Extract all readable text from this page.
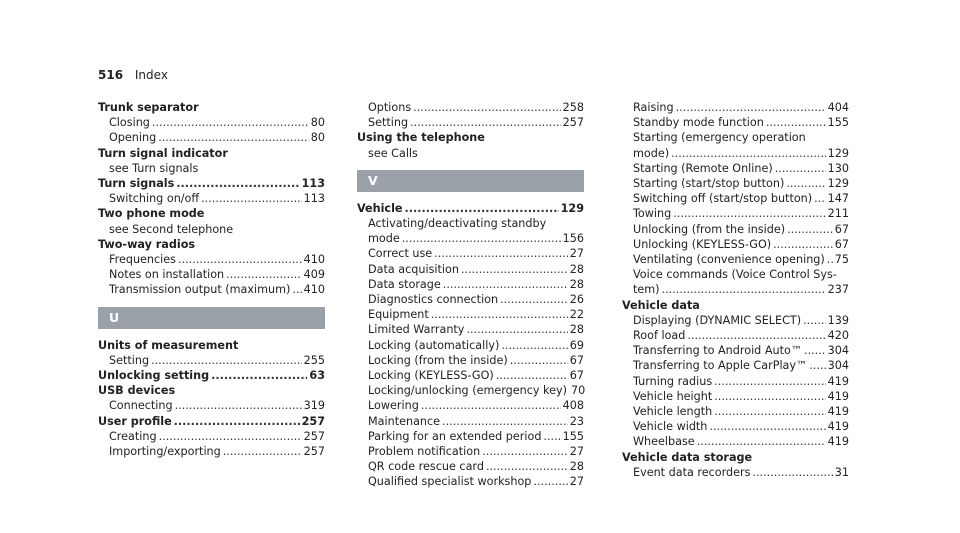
516 Index
Trunk separator
Closing .....	80
Opening .....	80
Turn signal indicator
see Turn signals
Turn signals .....	113
Switching on/off .....	113
Two phone mode
see Second telephone
Two-way radios
Frequencies .....	410
Notes on installation .....	409
Transmission output (maximum) ..... 410
U
Units of measurement
Setting .....	255
Unlocking setting .....	63
USB devices
Connecting .....	319
User profile .....	257
Creating .....	257
Importing/exporting .....	257
Options .....	258
Setting .....	257
Using the telephone
see Calls
V
Vehicle .....	129
Activating/deactivating standby
mode .....	156
Correct use .....	27
Data acquisition .....	28
Data storage .....	28
Diagnostics connection .....	26
Equipment .....	22
Limited Warranty .....	28
Locking (automatically) .....	69
Locking (from the inside) .....	67
Locking (KEYLESS-GO) .....	67
Locking/unlocking (emergency key) 70
Lowering .....	408
Maintenance .....	23
Parking for an extended period ..... 155
Problem notification .....	27
QR code rescue card .....	28
Qualified specialist workshop .....	27
Raising .....	404
Standby mode function .....	155
Starting (emergency operation
mode) .....	129
Starting (Remote Online) .....	130
Starting (start/stop button) .....	129
Switching off (start/stop button) ..... 147
Towing .....	211
Unlocking (from the inside) .....	67
Unlocking (KEYLESS-GO) .....	67
Ventilating (convenience opening) ..... 75
Voice commands (Voice Control Sys-
tem) .....	237
Vehicle data
Displaying (DYNAMIC SELECT) ..... 139
Roof load .....	420
Transferring to Android Auto™ ..... 304
Transferring to Apple CarPlay™ ..... 304
Turning radius .....	419
Vehicle height .....	419
Vehicle length .....	419
Vehicle width .....	419
Wheelbase .....	419
Vehicle data storage
Event data recorders .....	31
